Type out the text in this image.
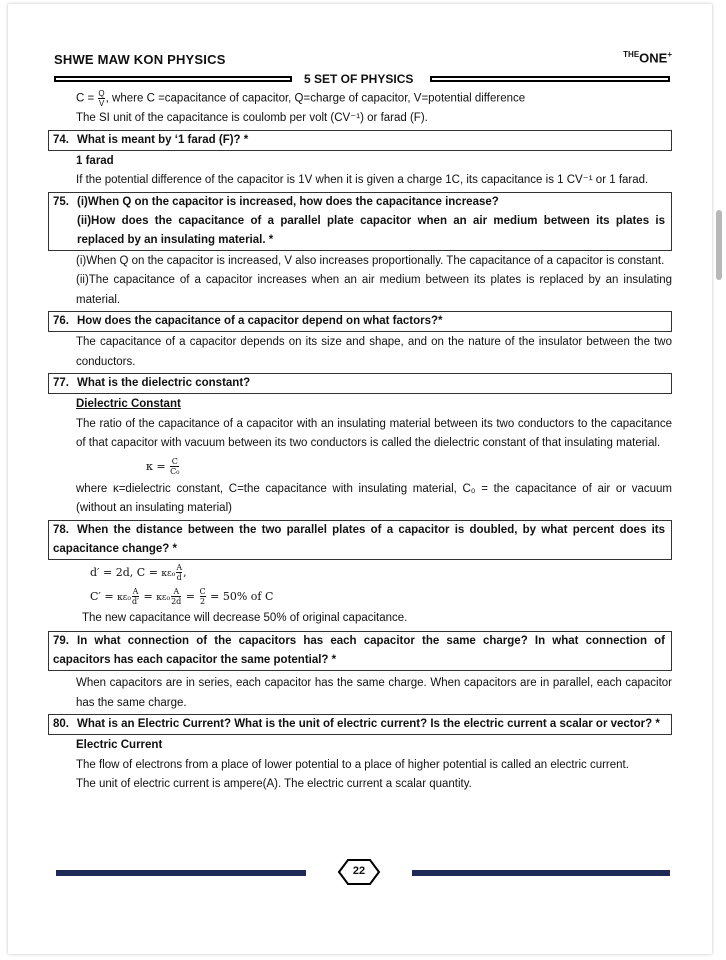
SHWE MAW KON PHYSICS	$^{THE}$ONE+
5 SET OF PHYSICS
$C = \frac{Q}{V}$ , where C =capacitance of capacitor, Q=charge of capacitor, V=potential difference
The SI unit of the capacitance is coulomb per volt (CV⁻¹) or farad (F).
74. What is meant by ‘1 farad (F)? *
1 farad
If the potential difference of the capacitor is 1V when it is given a charge 1C, its capacitance is 1 CV⁻¹ or 1 farad.
75. (i)When Q on the capacitor is increased, how does the capacitance increase?
(ii)How does the capacitance of a parallel plate capacitor when an air medium between its plates is replaced by an insulating material. *
(i)When Q on the capacitor is increased, V also increases proportionally. The capacitance of a capacitor is constant.
(ii)The capacitance of a capacitor increases when an air medium between its plates is replaced by an insulating material.
76. How does the capacitance of a capacitor depend on what factors?*
The capacitance of a capacitor depends on its size and shape, and on the nature of the insulator between the two conductors.
77. What is the dielectric constant?
Dielectric Constant
The ratio of the capacitance of a capacitor with an insulating material between its two conductors to the capacitance of that capacitor with vacuum between its two conductors is called the dielectric constant of that insulating material.
$\kappa = \frac{C}{\text{C₀}}$
where κ=dielectric constant, C=the capacitance with insulating material, C₀ = the capacitance of air or vacuum (without an insulating material)
78. When the distance between the two parallel plates of a capacitor is doubled, by what percent does its capacitance change? *
d′ = 2d, $C = \kappa\varepsilon_0 \frac{A}{d}$ ,
$C' = \kappa\varepsilon_0 \frac{A}{d'} = \kappa\varepsilon_0 \frac{A}{2d} = \frac{C}{2} = 50\%$ of C
The new capacitance will decrease 50% of original capacitance.
79. In what connection of the capacitors has each capacitor the same charge? In what connection of capacitors has each capacitor the same potential? *
When capacitors are in series, each capacitor has the same charge. When capacitors are in parallel, each capacitor has the same charge.
80. What is an Electric Current? What is the unit of electric current? Is the electric current a scalar or vector? *
Electric Current
The flow of electrons from a place of lower potential to a place of higher potential is called an electric current.
The unit of electric current is ampere(A). The electric current a scalar quantity.
22
